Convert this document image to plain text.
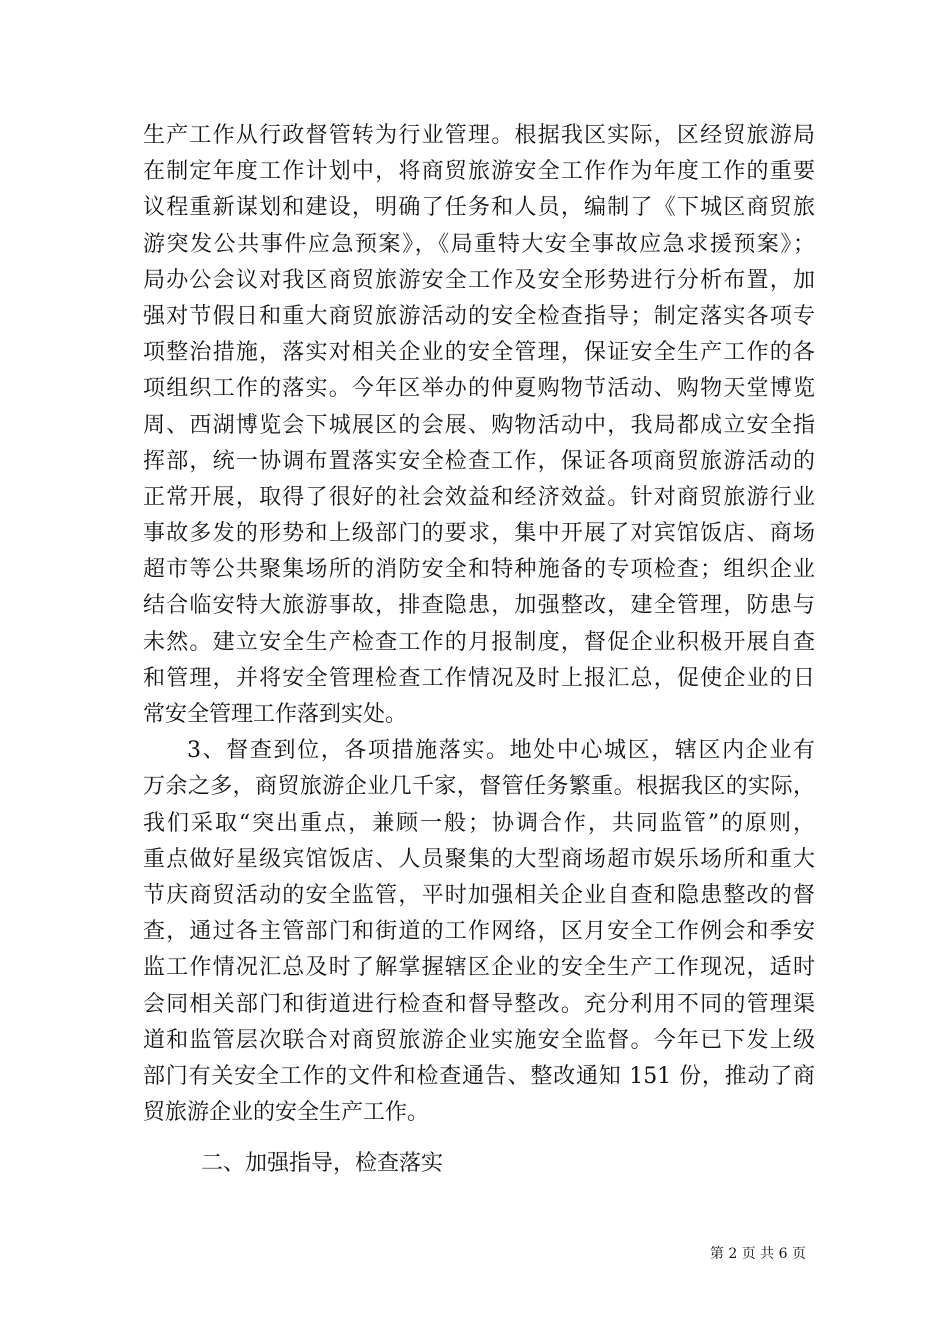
生产工作从行政督管转为行业管理。根据我区实际，区经贸旅游局
在制定年度工作计划中，将商贸旅游安全工作作为年度工作的重要
议程重新谋划和建设，明确了任务和人员，编制了《下城区商贸旅
游突发公共事件应急预案》，《局重特大安全事故应急求援预案》；
局办公会议对我区商贸旅游安全工作及安全形势进行分析布置，加
强对节假日和重大商贸旅游活动的安全检查指导；制定落实各项专
项整治措施，落实对相关企业的安全管理，保证安全生产工作的各
项组织工作的落实。今年区举办的仲夏购物节活动、购物天堂博览
周、西湖博览会下城展区的会展、购物活动中，我局都成立安全指
挥部，统一协调布置落实安全检查工作，保证各项商贸旅游活动的
正常开展，取得了很好的社会效益和经济效益。针对商贸旅游行业
事故多发的形势和上级部门的要求，集中开展了对宾馆饭店、商场
超市等公共聚集场所的消防安全和特种施备的专项检查；组织企业
结合临安特大旅游事故，排查隐患，加强整改，建全管理，防患与
未然。建立安全生产检查工作的月报制度，督促企业积极开展自查
和管理，并将安全管理检查工作情况及时上报汇总，促使企业的日
常安全管理工作落到实处。
3、督查到位，各项措施落实。地处中心城区，辖区内企业有
万余之多，商贸旅游企业几千家，督管任务繁重。根据我区的实际，
我们采取“突出重点，兼顾一般；协调合作，共同监管”的原则，
重点做好星级宾馆饭店、人员聚集的大型商场超市娱乐场所和重大
节庆商贸活动的安全监管，平时加强相关企业自查和隐患整改的督
查，通过各主管部门和街道的工作网络，区月安全工作例会和季安
监工作情况汇总及时了解掌握辖区企业的安全生产工作现况，适时
会同相关部门和街道进行检查和督导整改。充分利用不同的管理渠
道和监管层次联合对商贸旅游企业实施安全监督。今年已下发上级
部门有关安全工作的文件和检查通告、整改通知 151 份，推动了商
贸旅游企业的安全生产工作。
二、加强指导，检查落实
第 2 页 共 6 页
